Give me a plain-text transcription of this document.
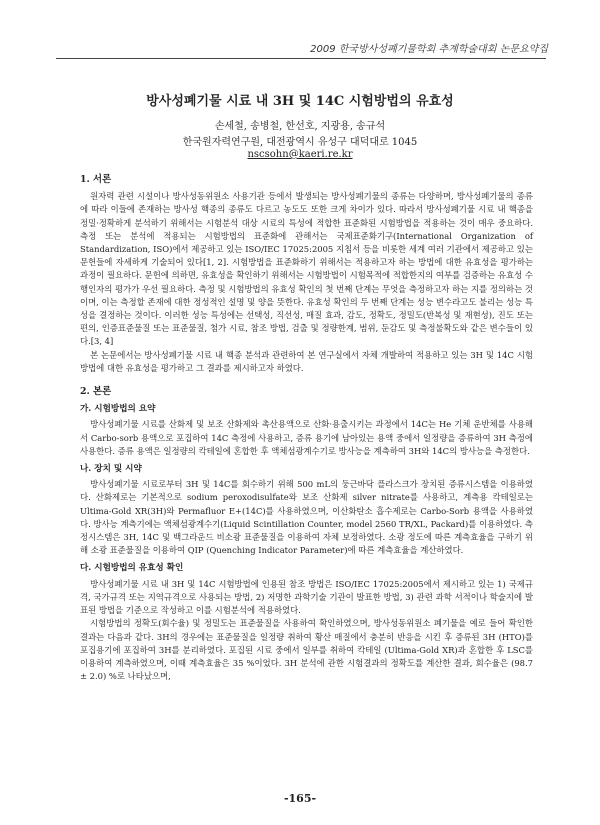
2009 한국방사성폐기물학회 추계학술대회 논문요약집
방사성폐기물 시료 내 3H 및 14C 시험방법의 유효성
손세철, 송병철, 한선호, 지광용, 송규석
한국원자력연구원, 대전광역시 유성구 대덕대로 1045
nscsohn@kaeri.re.kr
1. 서론

원자력 관련 시설이나 방사성동위원소 사용기관 등에서 발생되는 방사성폐기물의 종류는 다양하며, 방사성폐기물의 종류에 따라 이들에 존재하는 방사성 핵종의 종류도 다르고 농도도 또한 크게 차이가 있다. 따라서 방사성폐기물 시료 내 핵종을 정밀·정확하게 분석하기 위해서는 시험분석 대상 시료의 특성에 적합한 표준화된 시험방법을 적용하는 것이 매우 중요하다. 측정 또는 분석에 적용되는 시험방법의 표준화에 관해서는 국제표준화기구(International Organization of Standardization, ISO)에서 제공하고 있는 ISO/IEC 17025:2005 지침서 등을 비롯한 세계 여러 기관에서 제공하고 있는 문헌들에 자세하게 기술되어 있다[1, 2]. 시험방법을 표준화하기 위해서는 적용하고자 하는 방법에 대한 유효성을 평가하는 과정이 필요하다. 문헌에 의하면, 유효성을 확인하기 위해서는 시험방법이 시험목적에 적합한지의 여부를 검증하는 유효성 수행인자의 평가가 우선 필요하다. 측정 및 시험방법의 유효성 확인의 첫 번째 단계는 무엇을 측정하고자 하는 지를 정의하는 것이며, 이는 측정할 존재에 대한 정성적인 설명 및 양을 뜻한다. 유효성 확인의 두 번째 단계는 성능 변수라고도 불리는 성능 특성을 결정하는 것이다. 이러한 성능 특성에는 선택성, 직선성, 매질 효과, 감도, 정확도, 정밀도(반복성 및 재현성), 진도 또는 편의, 인증표준물질 또는 표준물질, 첨가 시료, 참조 방법, 검출 및 정량한계, 범위, 둔감도 및 측정불확도와 같은 변수들이 있다.[3, 4]

본 논문에서는 방사성폐기물 시료 내 핵종 분석과 관련하여 본 연구실에서 자체 개발하여 적용하고 있는 3H 및 14C 시험방법에 대한 유효성을 평가하고 그 결과를 제시하고자 하였다.

2. 본론
가. 시험방법의 요약

방사성폐기물 시료를 산화제 및 보조 산화제와 촉산용액으로 산화·용출시키는 과정에서 14C는 He 기체 운반체를 사용해서 Carbo-sorb 용액으로 포집하여 14C 측정에 사용하고, 증류 용기에 남아있는 용액 중에서 일정량을 증류하여 3H 측정에 사용한다. 증류 용액은 일정량의 칵테일에 혼합한 후 액체섬광계수기로 방사능을 계측하여 3H와 14C의 방사능을 측정한다.

나. 장치 및 시약

방사성폐기물 시료로부터 3H 및 14C를 회수하기 위해 500 mL의 둥근바닥 플라스크가 장치된 증류시스템을 이용하였다. 산화제로는 기본적으로 sodium peroxodisulfate와 보조 산화제 silver nitrate를 사용하고, 계측용 칵테일로는 Ultima-Gold XR(3H)와 Permafluor E+(14C)를 사용하였으며, 이산화탄소 흡수제로는 Carbo-Sorb 용액을 사용하였다. 방사능 계측기에는 액체섬광계수기(Liquid Scintillation Counter, model 2560 TR/XL, Packard)를 이용하였다. 측정시스템은 3H, 14C 및 백그라운드 비소광 표준물질을 이용하여 자체 보정하였다. 소광 정도에 따른 계측효율을 구하기 위해 소광 표준물질을 이용하여 QIP (Quenching Indicator Parameter)에 따른 계측효율을 계산하였다.

다. 시험방법의 유효성 확인

방사성폐기물 시료 내 3H 및 14C 시험방법에 인용된 참조 방법은 ISO/IEC 17025:2005에서 제시하고 있는 1) 국제규격, 국가규격 또는 지역규격으로 사용되는 방법, 2) 저명한 과학기술 기관이 발표한 방법, 3) 관련 과학 서적이나 학술지에 발표된 방법을 기준으로 작성하고 이를 시험분석에 적용하였다.

시험방법의 정확도(회수율) 및 정밀도는 표준물질을 사용하여 확인하였으며, 방사성동위원소 폐기물을 예로 들어 확인한 결과는 다음과 같다. 3H의 경우에는 표준물질을 일정량 취하여 황산 매질에서 충분히 반응을 시킨 후 증류된 3H (HTO)를 포집용기에 포집하여 3H를 분리하였다. 포집된 시료 중에서 일부를 취하여 칵테일 (Ultima-Gold XR)과 혼합한 후 LSC를 이용하여 계측하였으며, 이때 계측효율은 35 %이었다. 3H 분석에 관한 시험결과의 정확도를 계산한 결과, 회수율은 (98.7 ± 2.0) %로 나타났으며,

-165-
